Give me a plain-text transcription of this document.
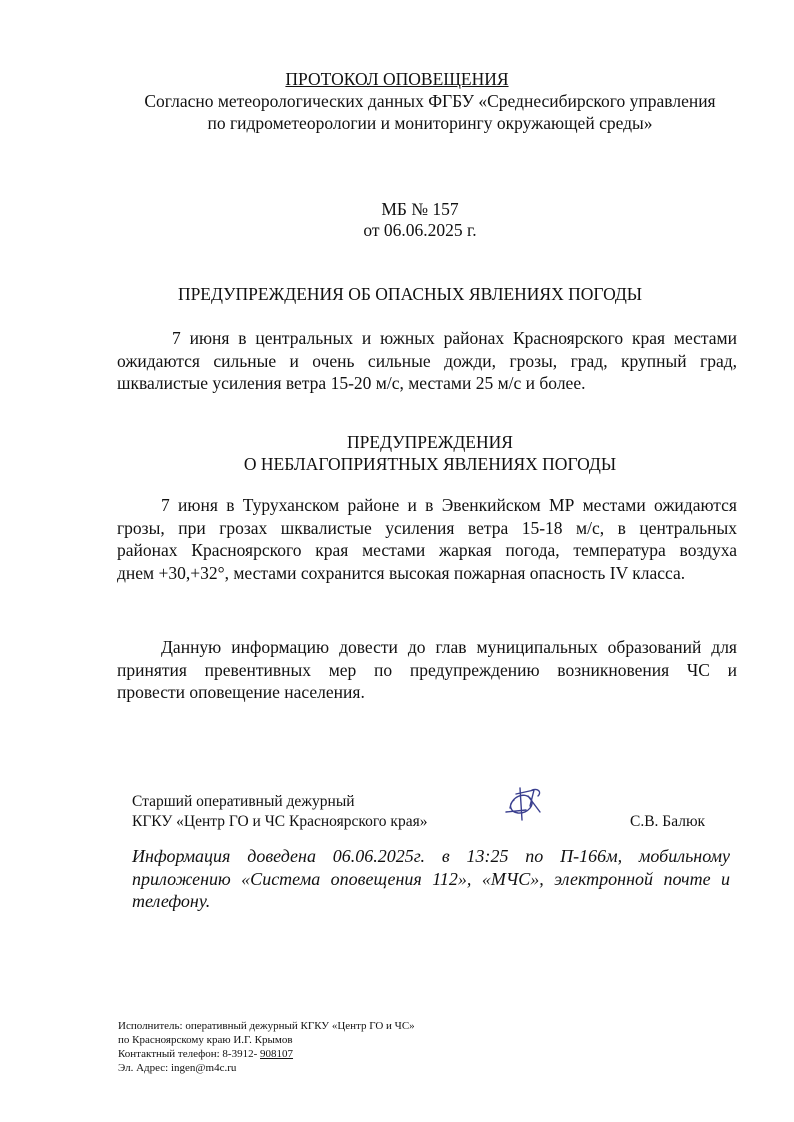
ПРОТОКОЛ ОПОВЕЩЕНИЯ
Согласно метеорологических данных ФГБУ «Среднесибирского управления
по гидрометеорологии и мониторингу окружающей среды»
МБ № 157
от 06.06.2025 г.
ПРЕДУПРЕЖДЕНИЯ ОБ ОПАСНЫХ ЯВЛЕНИЯХ ПОГОДЫ
7 июня в центральных и южных районах Красноярского края местами
ожидаются сильные и очень сильные дожди, грозы, град, крупный град,
шквалистые усиления ветра 15-20 м/с, местами 25 м/с и более.
ПРЕДУПРЕЖДЕНИЯ
О НЕБЛАГОПРИЯТНЫХ ЯВЛЕНИЯХ ПОГОДЫ
7 июня в Туруханском районе и в Эвенкийском МР местами ожидаются
грозы, при грозах шквалистые усиления ветра 15-18 м/с, в центральных
районах Красноярского края местами жаркая погода, температура воздуха
днем +30,+32°, местами сохранится высокая пожарная опасность IV класса.
Данную информацию довести до глав муниципальных образований для
принятия превентивных мер по предупреждению возникновения ЧС и
провести оповещение населения.
Старший оперативный дежурный
КГКУ «Центр ГО и ЧС Красноярского края»	С.В. Балюк
Информация доведена 06.06.2025г. в 13:25 по П-166м, мобильному
приложению «Система оповещения 112», «МЧС», электронной почте и
телефону.
Исполнитель: оперативный дежурный КГКУ «Центр ГО и ЧС»
по Красноярскому краю И.Г. Крымов
Контактный телефон: 8-3912- 908107
Эл. Адрес: ingen@m4c.ru
